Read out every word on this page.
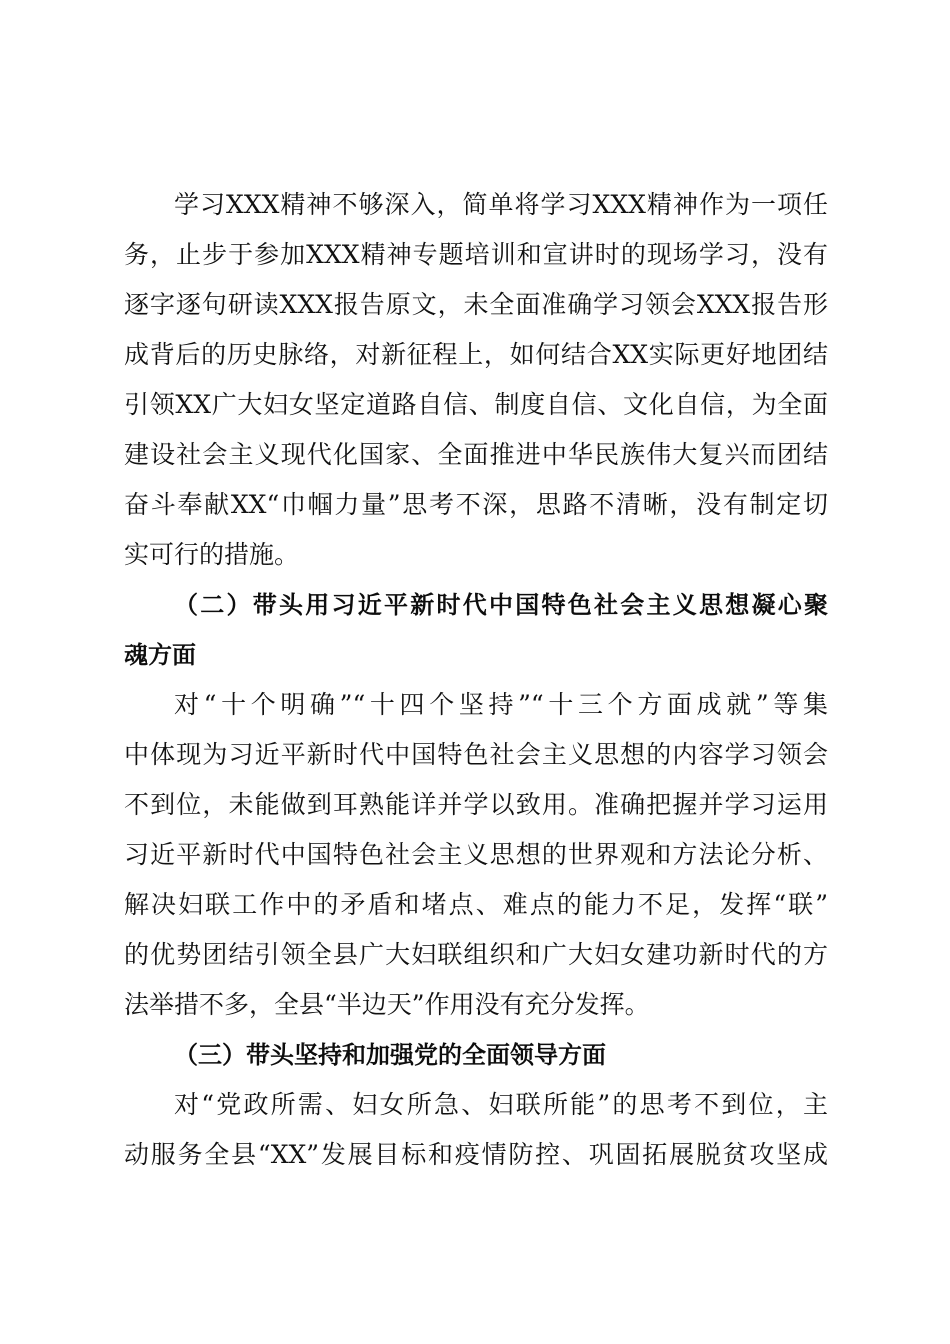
学习XXX精神不够深入，简单将学习XXX精神作为一项任
务，止步于参加XXX精神专题培训和宣讲时的现场学习，没有
逐字逐句研读XXX报告原文，未全面准确学习领会XXX报告形
成背后的历史脉络，对新征程上，如何结合XX实际更好地团结
引领XX广大妇女坚定道路自信、制度自信、文化自信，为全面
建设社会主义现代化国家、全面推进中华民族伟大复兴而团结
奋斗奉献XX“巾帼力量”思考不深，思路不清晰，没有制定切
实可行的措施。
（二）带头用习近平新时代中国特色社会主义思想凝心聚
魂方面
对“十个明确”“十四个坚持”“十三个方面成就”等集
中体现为习近平新时代中国特色社会主义思想的内容学习领会
不到位，未能做到耳熟能详并学以致用。准确把握并学习运用
习近平新时代中国特色社会主义思想的世界观和方法论分析、
解决妇联工作中的矛盾和堵点、难点的能力不足，发挥“联”
的优势团结引领全县广大妇联组织和广大妇女建功新时代的方
法举措不多，全县“半边天”作用没有充分发挥。
（三）带头坚持和加强党的全面领导方面
对“党政所需、妇女所急、妇联所能”的思考不到位，主
动服务全县“XX”发展目标和疫情防控、巩固拓展脱贫攻坚成
